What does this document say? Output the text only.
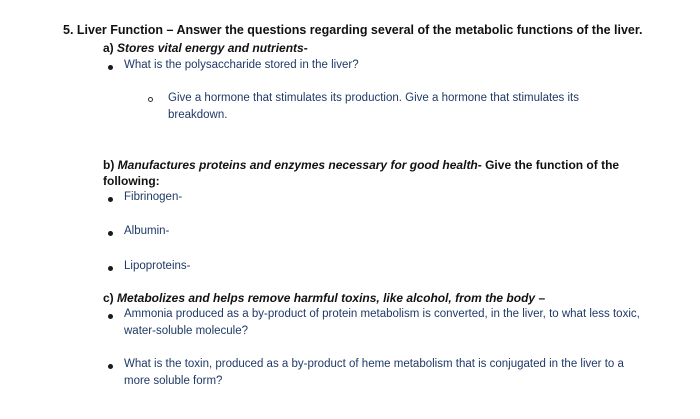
5. Liver Function – Answer the questions regarding several of the metabolic functions of the liver.

a) Stores vital energy and nutrients-

What is the polysaccharide stored in the liver?

Give a hormone that stimulates its production. Give a hormone that stimulates its breakdown.

b) Manufactures proteins and enzymes necessary for good health- Give the function of the following:

Fibrinogen-

Albumin-

Lipoproteins-

c) Metabolizes and helps remove harmful toxins, like alcohol, from the body –

Ammonia produced as a by-product of protein metabolism is converted, in the liver, to what less toxic, water-soluble molecule?

What is the toxin, produced as a by-product of heme metabolism that is conjugated in the liver to a more soluble form?
